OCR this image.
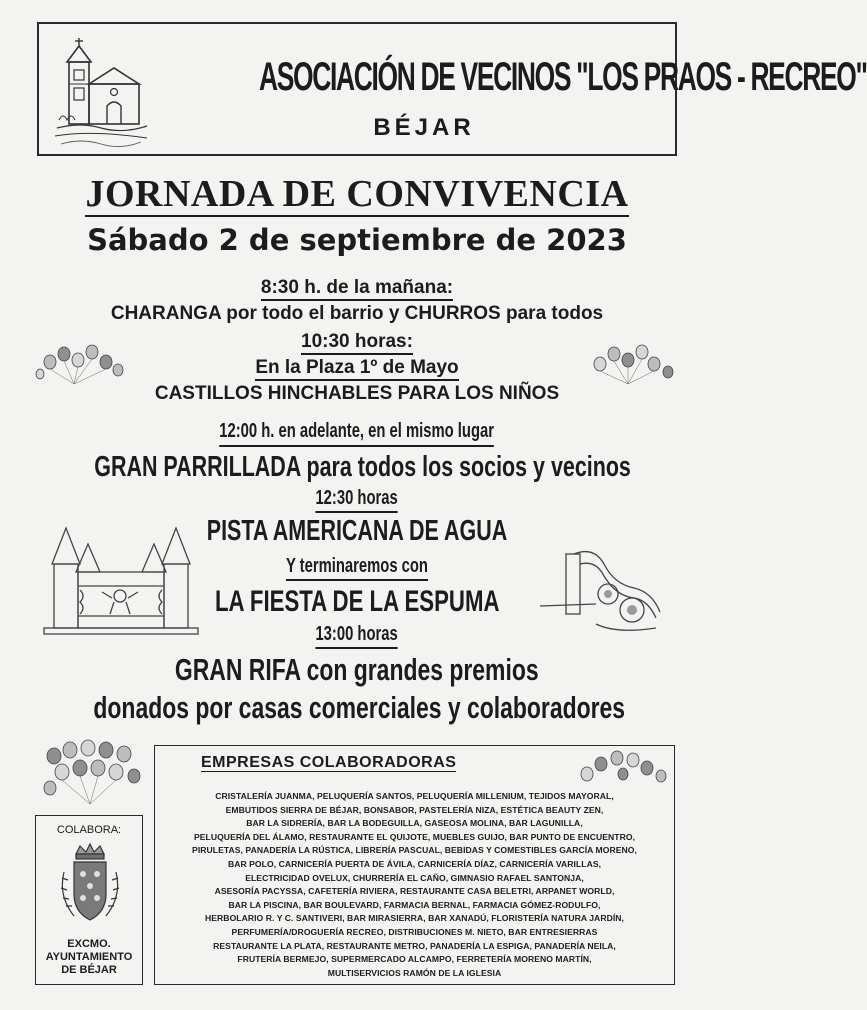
ASOCIACIÓN DE VECINOS "LOS PRAOS - RECREO"
BÉJAR
JORNADA DE CONVIVENCIA
Sábado 2 de septiembre de 2023
8:30 h. de la mañana:
CHARANGA por todo el barrio y CHURROS para todos
10:30 horas:
En la Plaza 1º de Mayo
CASTILLOS HINCHABLES PARA LOS NIÑOS
12:00 h. en adelante, en el mismo lugar
GRAN PARRILLADA para todos los socios y vecinos
12:30 horas
PISTA AMERICANA DE AGUA
Y terminaremos con
LA FIESTA DE LA ESPUMA
13:00 horas
GRAN RIFA con grandes premios
donados por casas comerciales y colaboradores
COLABORA:
EXCMO.
AYUNTAMIENTO
DE BÉJAR
EMPRESAS COLABORADORAS
CRISTALERÍA JUANMA, PELUQUERÍA SANTOS, PELUQUERÍA MILLENIUM, TEJIDOS MAYORAL,
EMBUTIDOS SIERRA DE BÉJAR, BONSABOR, PASTELERÍA NIZA, ESTÉTICA BEAUTY ZEN,
BAR LA SIDRERÍA, BAR LA BODEGUILLA, GASEOSA MOLINA, BAR LAGUNILLA,
PELUQUERÍA DEL ÁLAMO, RESTAURANTE EL QUIJOTE, MUEBLES GUIJO, BAR PUNTO DE ENCUENTRO,
PIRULETAS, PANADERÍA LA RÚSTICA, LIBRERÍA PASCUAL, BEBIDAS Y COMESTIBLES GARCÍA MORENO,
BAR POLO, CARNICERÍA PUERTA DE ÁVILA, CARNICERÍA DÍAZ, CARNICERÍA VARILLAS,
ELECTRICIDAD OVELUX, CHURRERÍA EL CAÑO, GIMNASIO RAFAEL SANTONJA,
ASESORÍA PACYSSA, CAFETERÍA RIVIERA, RESTAURANTE CASA BELETRI, ARPANET WORLD,
BAR LA PISCINA, BAR BOULEVARD, FARMACIA BERNAL, FARMACIA GÓMEZ-RODULFO,
HERBOLARIO R. Y C. SANTIVERI, BAR MIRASIERRA, BAR XANADÚ, FLORISTERÍA NATURA JARDÍN,
PERFUMERÍA/DROGUERÍA RECREO, DISTRIBUCIONES M. NIETO, BAR ENTRESIERRAS
RESTAURANTE LA PLATA, RESTAURANTE METRO, PANADERÍA LA ESPIGA, PANADERÍA NEILA,
FRUTERÍA BERMEJO, SUPERMERCADO ALCAMPO, FERRETERÍA MORENO MARTÍN,
MULTISERVICIOS RAMÓN DE LA IGLESIA
